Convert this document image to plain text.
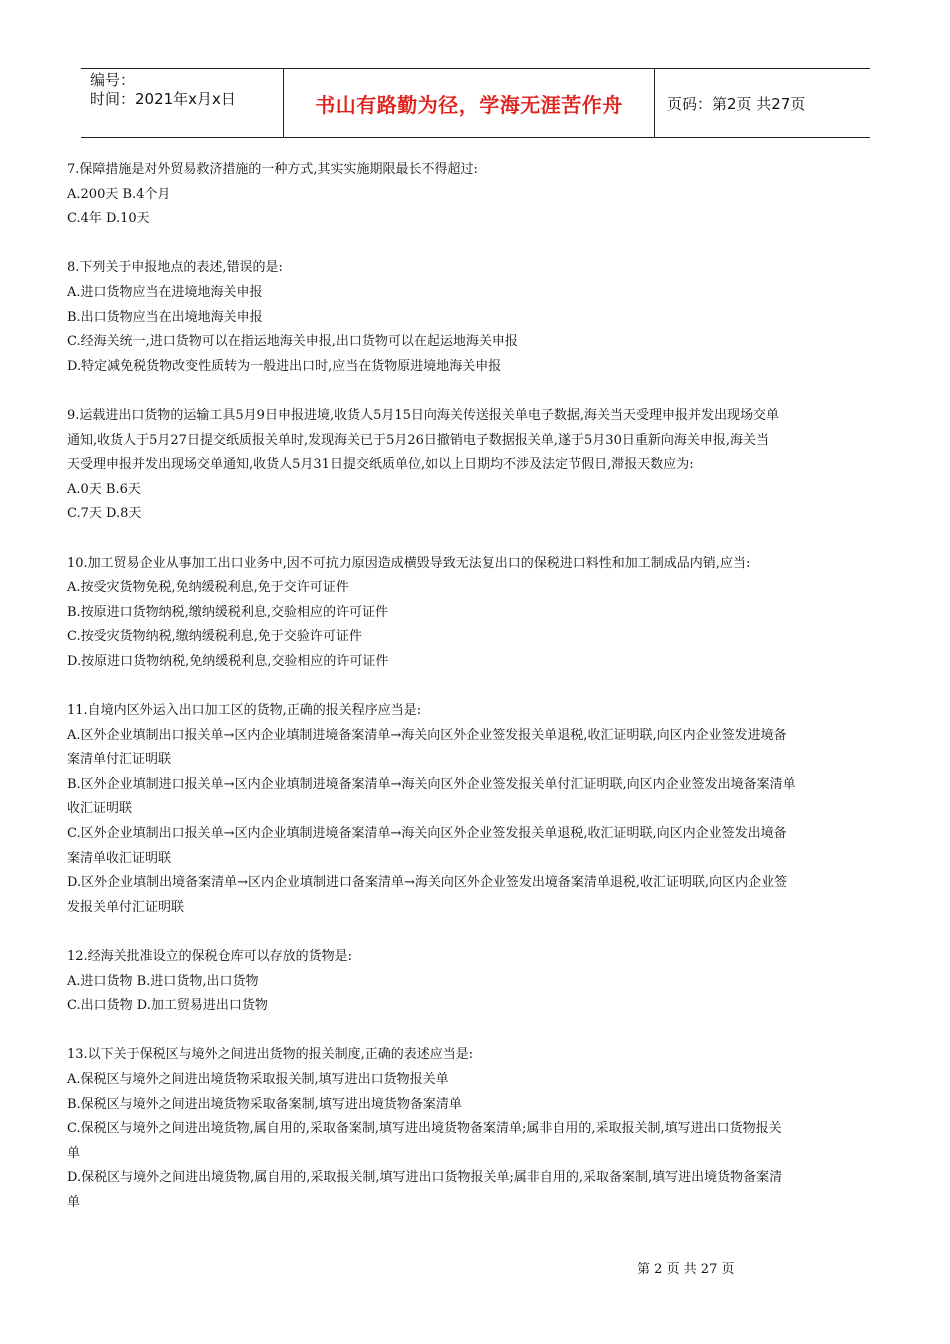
编号：
时间：2021年x月x日	书山有路勤为径，学海无涯苦作舟	页码：第2页 共27页
7.保障措施是对外贸易救济措施的一种方式,其实实施期限最长不得超过:
A.200天 B.4个月
C.4年 D.10天
8.下列关于申报地点的表述,错误的是:
A.进口货物应当在进境地海关申报
B.出口货物应当在出境地海关申报
C.经海关统一,进口货物可以在指运地海关申报,出口货物可以在起运地海关申报
D.特定减免税货物改变性质转为一般进出口时,应当在货物原进境地海关申报
9.运载进出口货物的运输工具5月9日申报进境,收货人5月15日向海关传送报关单电子数据,海关当天受理申报并发出现场交单
通知,收货人于5月27日提交纸质报关单时,发现海关已于5月26日撤销电子数据报关单,遂于5月30日重新向海关申报,海关当
天受理申报并发出现场交单通知,收货人5月31日提交纸质单位,如以上日期均不涉及法定节假日,滞报天数应为:
A.0天 B.6天
C.7天 D.8天
10.加工贸易企业从事加工出口业务中,因不可抗力原因造成横毁导致无法复出口的保税进口料性和加工制成品内销,应当:
A.按受灾货物免税,免纳缓税利息,免于交许可证件
B.按原进口货物纳税,缴纳缓税利息,交验相应的许可证件
C.按受灾货物纳税,缴纳缓税利息,免于交验许可证件
D.按原进口货物纳税,免纳缓税利息,交验相应的许可证件
11.自境内区外运入出口加工区的货物,正确的报关程序应当是:
A.区外企业填制出口报关单→区内企业填制进境备案清单→海关向区外企业签发报关单退税,收汇证明联,向区内企业签发进境备
案清单付汇证明联
B.区外企业填制进口报关单→区内企业填制进境备案清单→海关向区外企业签发报关单付汇证明联,向区内企业签发出境备案清单
收汇证明联
C.区外企业填制出口报关单→区内企业填制进境备案清单→海关向区外企业签发报关单退税,收汇证明联,向区内企业签发出境备
案清单收汇证明联
D.区外企业填制出境备案清单→区内企业填制进口备案清单→海关向区外企业签发出境备案清单退税,收汇证明联,向区内企业签
发报关单付汇证明联
12.经海关批准设立的保税仓库可以存放的货物是:
A.进口货物 B.进口货物,出口货物
C.出口货物 D.加工贸易进出口货物
13.以下关于保税区与境外之间进出货物的报关制度,正确的表述应当是:
A.保税区与境外之间进出境货物采取报关制,填写进出口货物报关单
B.保税区与境外之间进出境货物采取备案制,填写进出境货物备案清单
C.保税区与境外之间进出境货物,属自用的,采取备案制,填写进出境货物备案清单;属非自用的,采取报关制,填写进出口货物报关
单
D.保税区与境外之间进出境货物,属自用的,采取报关制,填写进出口货物报关单;属非自用的,采取备案制,填写进出境货物备案清
单
第 2 页 共 27 页
